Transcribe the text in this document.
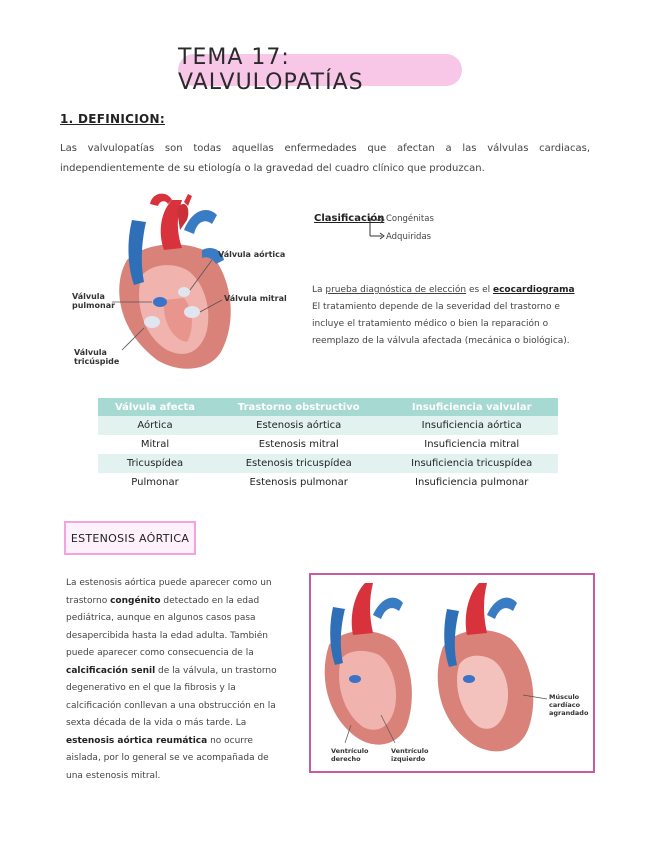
TEMA 17: VALVULOPATÍAS
1. DEFINICION:
Las valvulopatías son todas aquellas enfermedades que afectan a las válvulas cardiacas, independientemente de su etiología o la gravedad del cuadro clínico que produzcan.
Válvula aórtica
Válvula mitral
Válvula pulmonar
Válvula tricúspide
Clasificación Congénitas
Adquiridas
La prueba diagnóstica de elección es el ecocardiograma
El tratamiento depende de la severidad del trastorno e incluye el tratamiento médico o bien la reparación o reemplazo de la válvula afectada (mecánica o biológica).
Válvula afecta	Trastorno obstructivo	Insuficiencia valvular
Aórtica	Estenosis aórtica	Insuficiencia aórtica
Mitral	Estenosis mitral	Insuficiencia mitral
Tricuspídea	Estenosis tricuspídea	Insuficiencia tricuspídea
Pulmonar	Estenosis pulmonar	Insuficiencia pulmonar
ESTENOSIS AÓRTICA
La estenosis aórtica puede aparecer como un trastorno congénito detectado en la edad pediátrica, aunque en algunos casos pasa desapercibida hasta la edad adulta. También puede aparecer como consecuencia de la calcificación senil de la válvula, un trastorno degenerativo en el que la fibrosis y la calcificación conllevan a una obstrucción en la sexta década de la vida o más tarde. La estenosis aórtica reumática no ocurre aislada, por lo general se ve acompañada de una estenosis mitral.
Ventrículo derecho
Ventrículo izquierdo
Músculo cardíaco agrandado
